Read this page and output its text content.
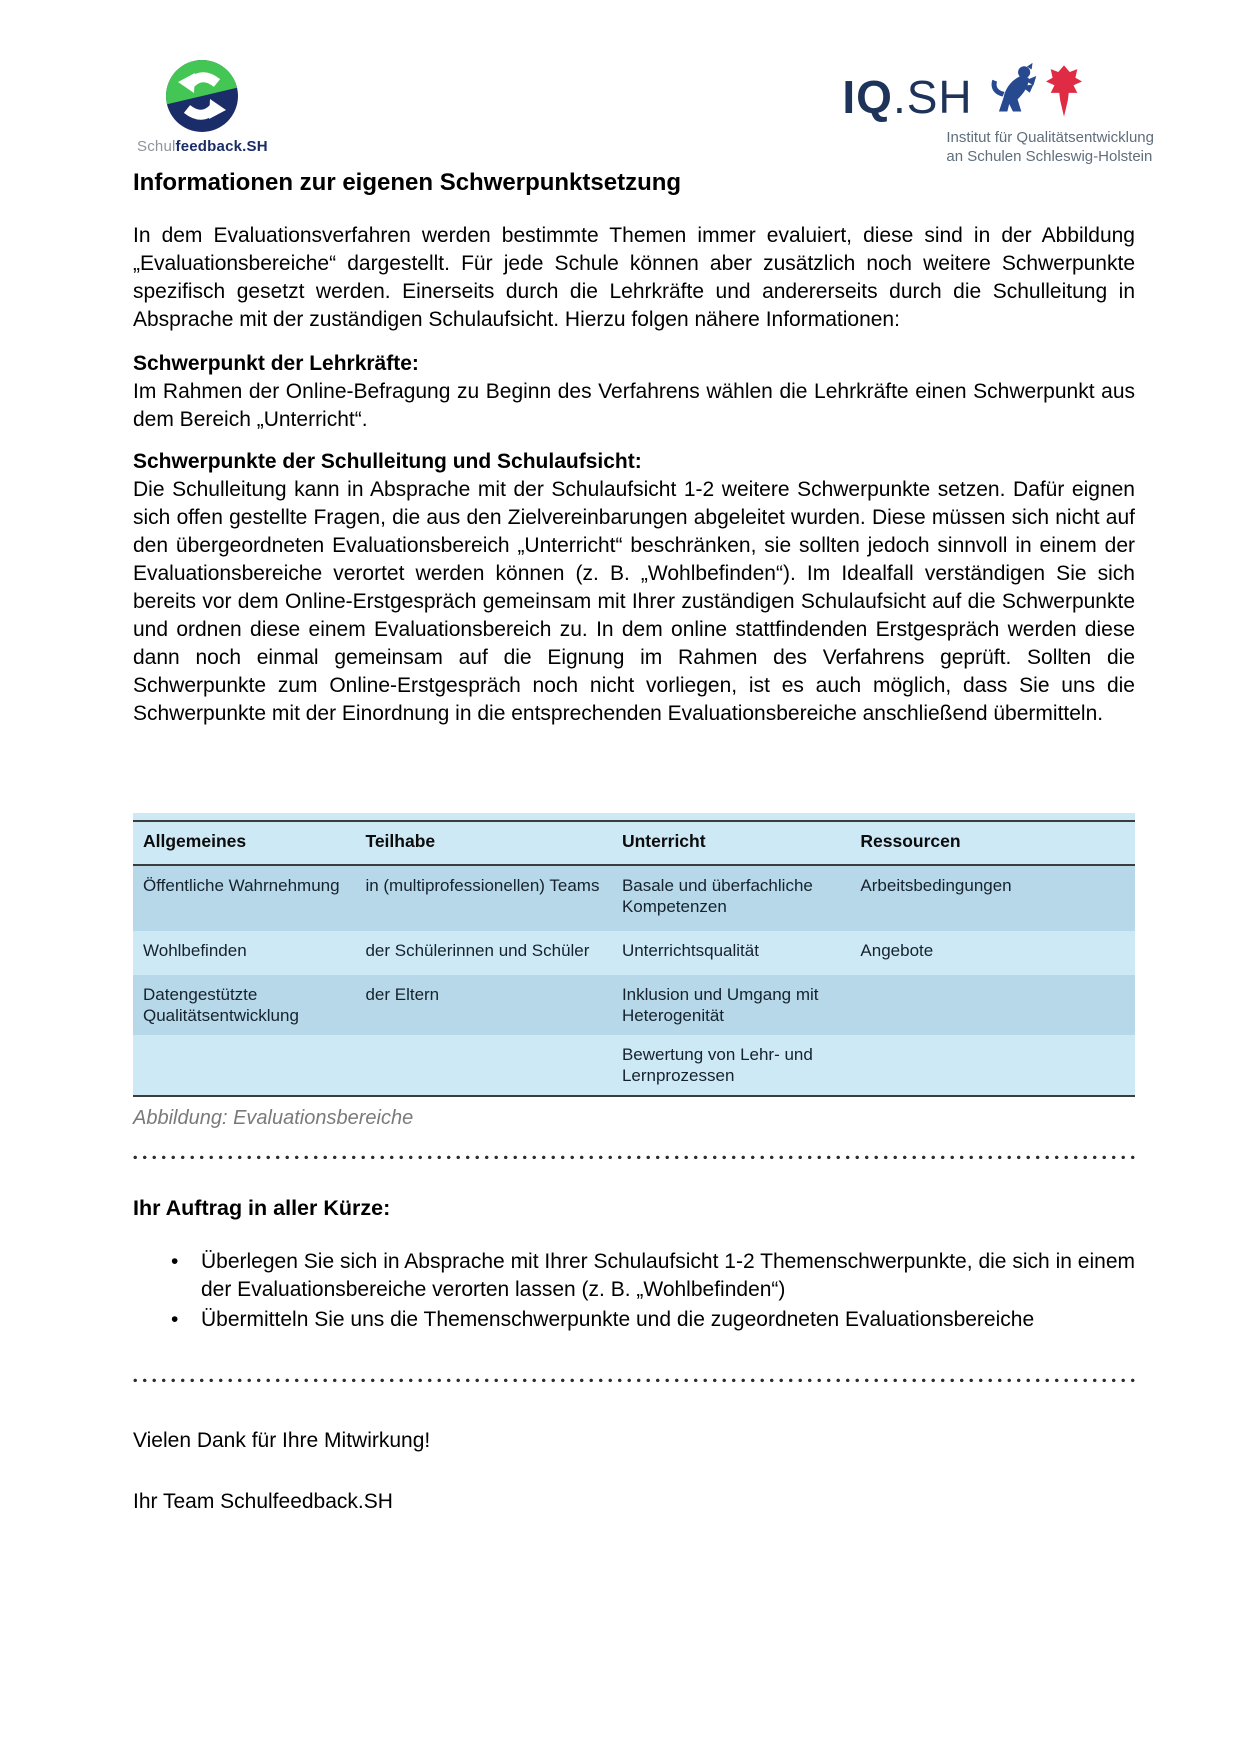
Schulfeedback.SH
IQ.SH
Institut für Qualitätsentwicklung
an Schulen Schleswig-Holstein
Informationen zur eigenen Schwerpunktsetzung

In dem Evaluationsverfahren werden bestimmte Themen immer evaluiert, diese sind in der Abbildung „Evaluationsbereiche“ dargestellt. Für jede Schule können aber zusätzlich noch weitere Schwerpunkte spezifisch gesetzt werden. Einerseits durch die Lehrkräfte und andererseits durch die Schulleitung in Absprache mit der zuständigen Schulaufsicht. Hierzu folgen nähere Informationen:

Schwerpunkt der Lehrkräfte:

Im Rahmen der Online-Befragung zu Beginn des Verfahrens wählen die Lehrkräfte einen Schwerpunkt aus dem Bereich „Unterricht“.

Schwerpunkte der Schulleitung und Schulaufsicht:

Die Schulleitung kann in Absprache mit der Schulaufsicht 1-2 weitere Schwerpunkte setzen. Dafür eignen sich offen gestellte Fragen, die aus den Zielvereinbarungen abgeleitet wurden. Diese müssen sich nicht auf den übergeordneten Evaluationsbereich „Unterricht“ beschränken, sie sollten jedoch sinnvoll in einem der Evaluationsbereiche verortet werden können (z. B. „Wohlbefinden“). Im Idealfall verständigen Sie sich bereits vor dem Online-Erstgespräch gemeinsam mit Ihrer zuständigen Schulaufsicht auf die Schwerpunkte und ordnen diese einem Evaluationsbereich zu. In dem online stattfindenden Erstgespräch werden diese dann noch einmal gemeinsam auf die Eignung im Rahmen des Verfahrens geprüft. Sollten die Schwerpunkte zum Online-Erstgespräch noch nicht vorliegen, ist es auch möglich, dass Sie uns die Schwerpunkte mit der Einordnung in die entsprechenden Evaluationsbereiche anschließend übermitteln.

Allgemeines	Teilhabe	Unterricht	Ressourcen
Öffentliche Wahrnehmung	in (multiprofessionellen) Teams	Basale und überfachliche Kompetenzen	Arbeitsbedingungen
Wohlbefinden	der Schülerinnen und Schüler	Unterrichtsqualität	Angebote
Datengestützte Qualitätsentwicklung	der Eltern	Inklusion und Umgang mit Heterogenität	
		Bewertung von Lehr- und Lernprozessen	
Abbildung: Evaluationsbereiche
Ihr Auftrag in aller Kürze:
• Überlegen Sie sich in Absprache mit Ihrer Schulaufsicht 1-2 Themenschwerpunkte, die sich in einem der Evaluationsbereiche verorten lassen (z. B. „Wohlbefinden“)
• Übermitteln Sie uns die Themenschwerpunkte und die zugeordneten Evaluationsbereiche

Vielen Dank für Ihre Mitwirkung!

Ihr Team Schulfeedback.SH
